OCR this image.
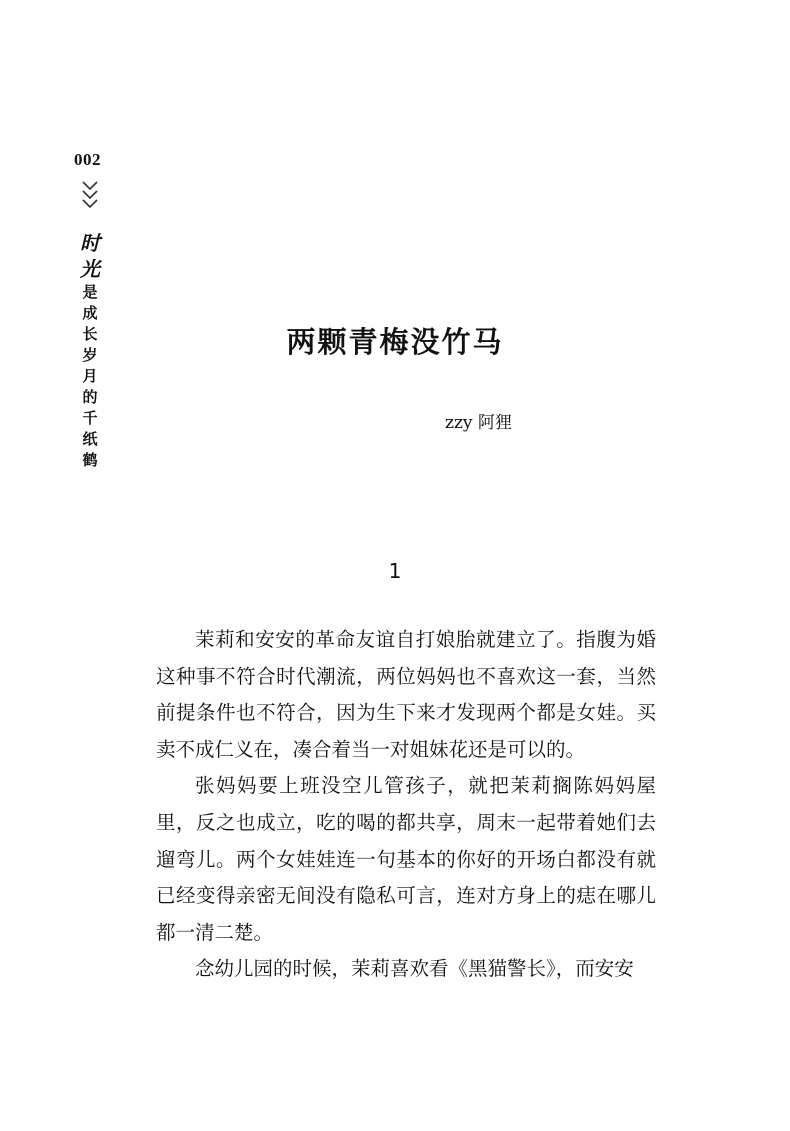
002
时
光
是
成
长
岁
月
的
千
纸
鹤
两颗青梅没竹马
zzy 阿狸
1

茉莉和安安的革命友谊自打娘胎就建立了。指腹为婚这种事不符合时代潮流，两位妈妈也不喜欢这一套，当然前提条件也不符合，因为生下来才发现两个都是女娃。买卖不成仁义在，凑合着当一对姐妹花还是可以的。

张妈妈要上班没空儿管孩子，就把茉莉搁陈妈妈屋里，反之也成立，吃的喝的都共享，周末一起带着她们去遛弯儿。两个女娃娃连一句基本的你好的开场白都没有就已经变得亲密无间没有隐私可言，连对方身上的痣在哪儿都一清二楚。

念幼儿园的时候，茉莉喜欢看《黑猫警长》，而安安
